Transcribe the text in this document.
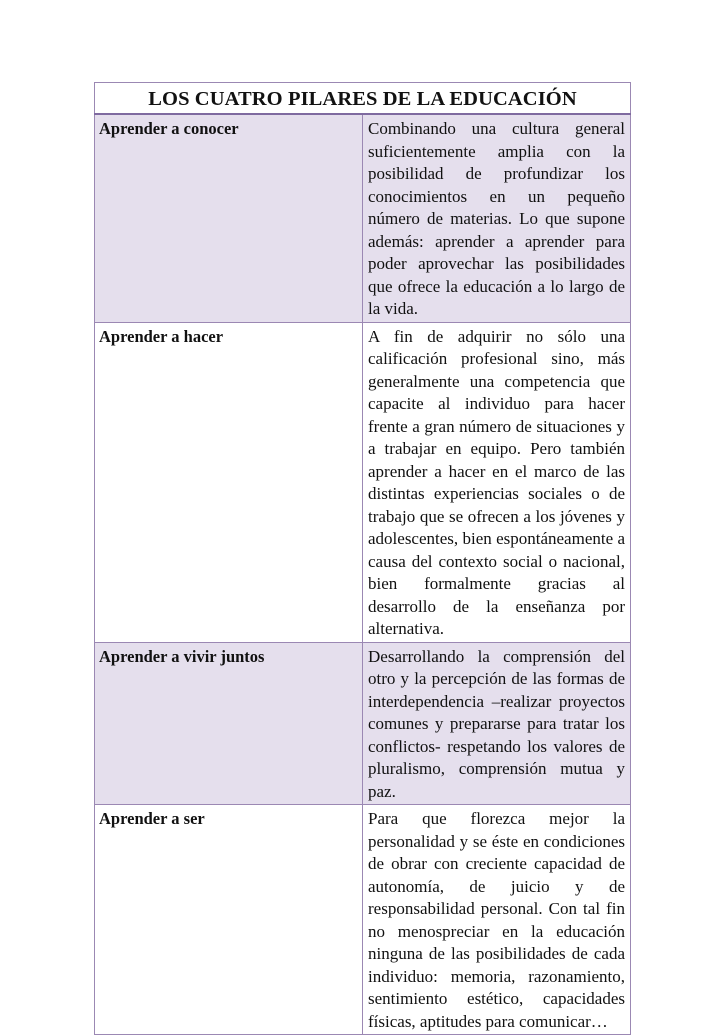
LOS CUATRO PILARES DE LA EDUCACIÓN	
Aprender a conocer	Combinando una cultura general suficientemente amplia con la posibilidad de profundizar los conocimientos en un pequeño número de materias. Lo que supone además: aprender a aprender para poder aprovechar las posibilidades que ofrece la educación a lo largo de la vida.
Aprender a hacer	A fin de adquirir no sólo una calificación profesional sino, más generalmente una competencia que capacite al individuo para hacer frente a gran número de situaciones y a trabajar en equipo. Pero también aprender a hacer en el marco de las distintas experiencias sociales o de trabajo que se ofrecen a los jóvenes y adolescentes, bien espontáneamente a causa del contexto social o nacional, bien formalmente gracias al desarrollo de la enseñanza por alternativa.
Aprender a vivir juntos	Desarrollando la comprensión del otro y la percepción de las formas de interdependencia –realizar proyectos comunes y prepararse para tratar los conflictos- respetando los valores de pluralismo, comprensión mutua y paz.
Aprender a ser	Para que florezca mejor la personalidad y se éste en condiciones de obrar con creciente capacidad de autonomía, de juicio y de responsabilidad personal. Con tal fin no menospreciar en la educación ninguna de las posibilidades de cada individuo: memoria, razonamiento, sentimiento estético, capacidades físicas, aptitudes para comunicar…
